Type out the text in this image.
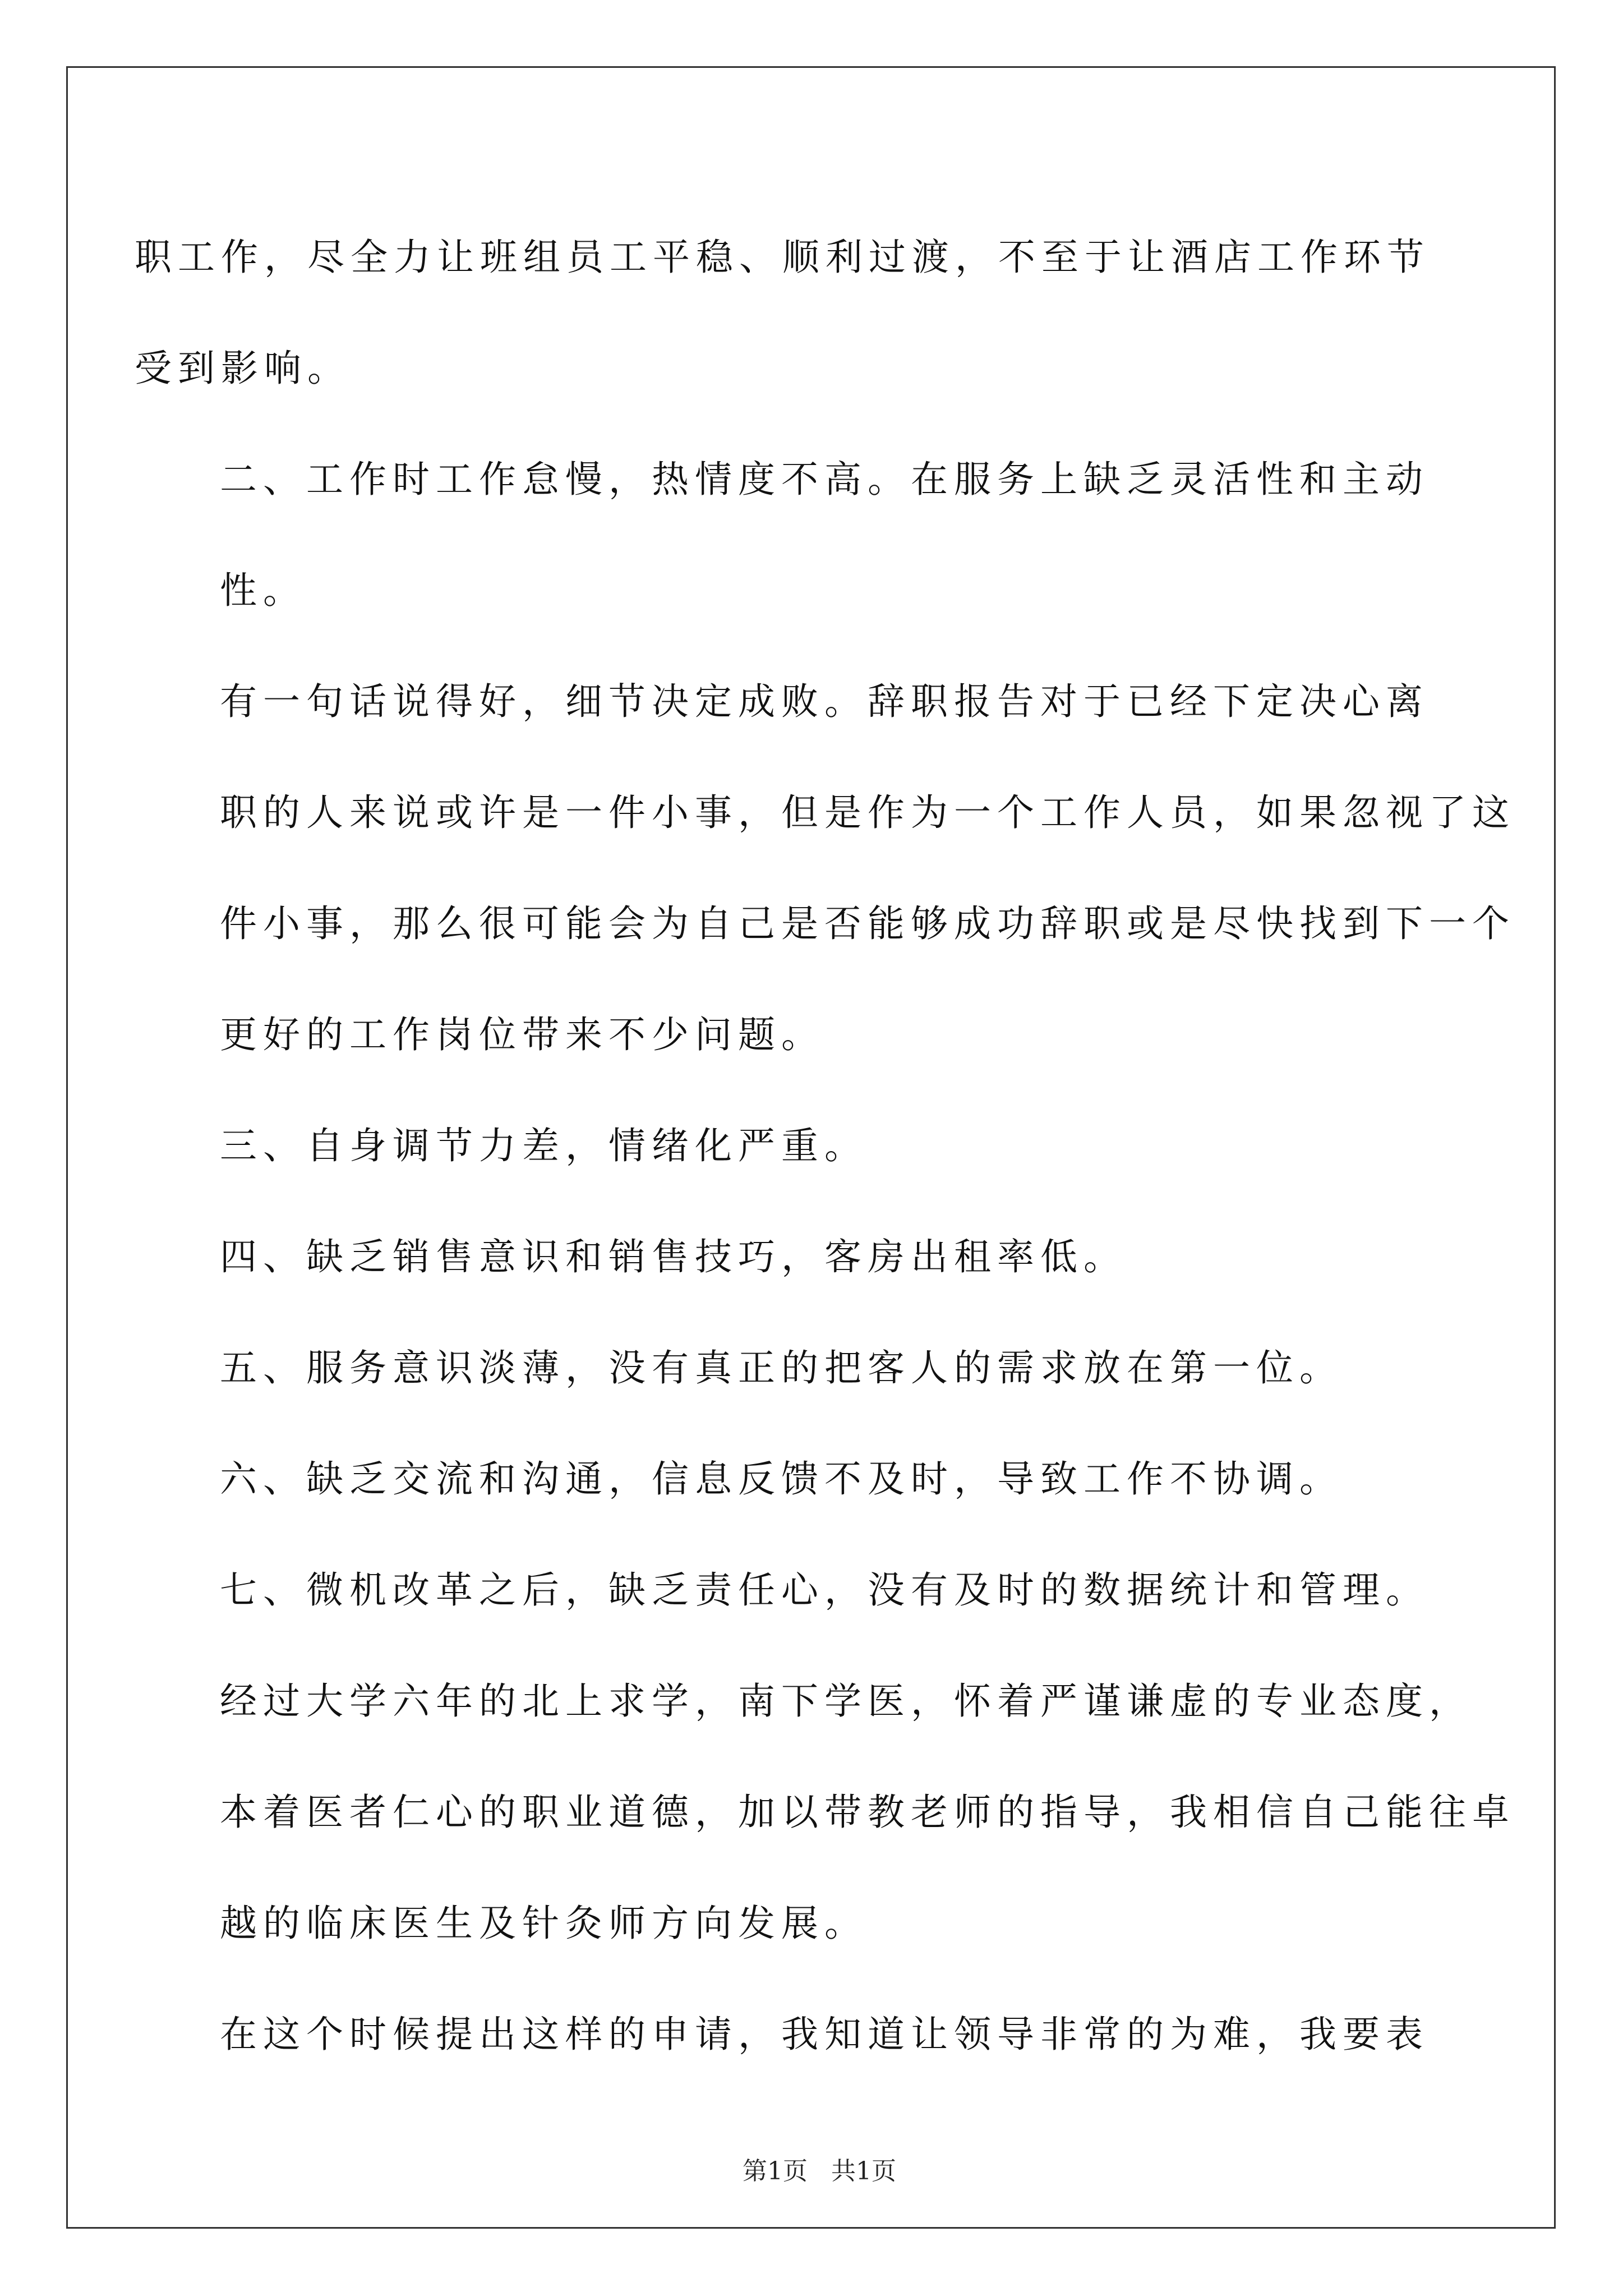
职工作，尽全力让班组员工平稳、顺利过渡，不至于让酒店工作环节
受到影响。

二、工作时工作怠慢，热情度不高。在服务上缺乏灵活性和主动
性。

有一句话说得好，细节决定成败。辞职报告对于已经下定决心离
职的人来说或许是一件小事，但是作为一个工作人员，如果忽视了这
件小事，那么很可能会为自己是否能够成功辞职或是尽快找到下一个
更好的工作岗位带来不少问题。

三、自身调节力差，情绪化严重。

四、缺乏销售意识和销售技巧，客房出租率低。

五、服务意识淡薄，没有真正的把客人的需求放在第一位。

六、缺乏交流和沟通，信息反馈不及时，导致工作不协调。

七、微机改革之后，缺乏责任心，没有及时的数据统计和管理。

经过大学六年的北上求学，南下学医，怀着严谨谦虚的专业态度，
本着医者仁心的职业道德，加以带教老师的指导，我相信自己能往卓
越的临床医生及针灸师方向发展。

在这个时候提出这样的申请，我知道让领导非常的为难，我要表

第1页   共1页
